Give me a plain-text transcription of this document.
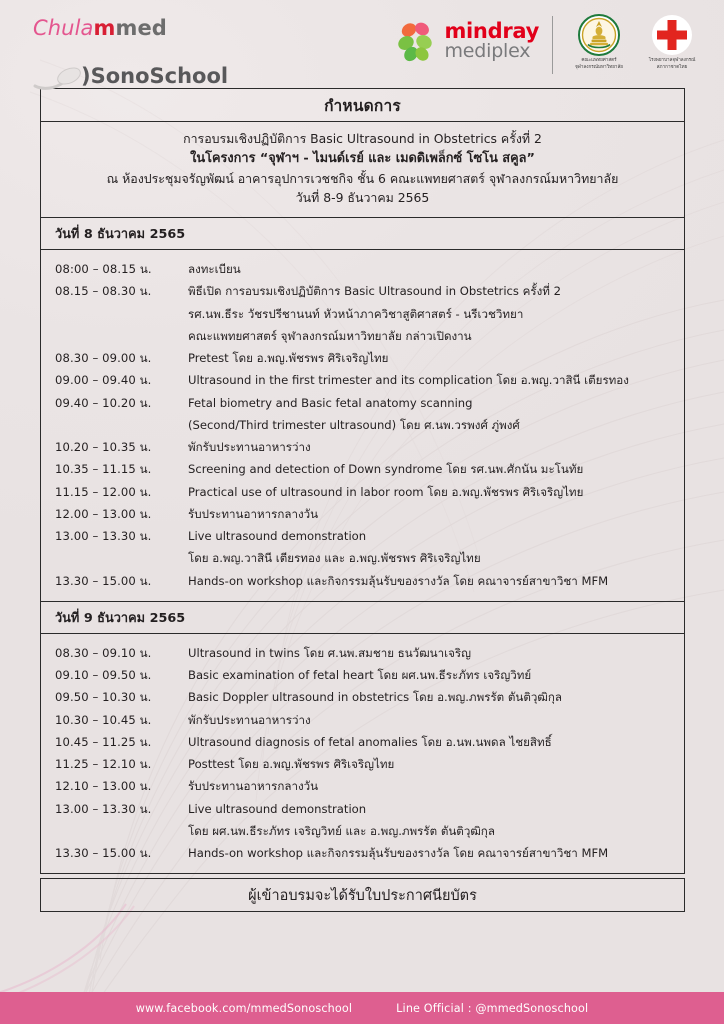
Chulammed
)SonoSchool
mindray
mediplex	คณะแพทยศาสตร์
จุฬาลงกรณ์มหาวิทยาลัย
โรงพยาบาลจุฬาลงกรณ์
สภากาชาดไทย
กำหนดการ
การอบรมเชิงปฏิบัติการ Basic Ultrasound in Obstetrics ครั้งที่ 2
ในโครงการ “จุฬาฯ - ไมนด์เรย์ และ เมดดิเพล็กซ์ โซโน สคูล”
ณ ห้องประชุมจรัญพัฒน์ อาคารอุปการเวชชกิจ ชั้น 6 คณะแพทยศาสตร์ จุฬาลงกรณ์มหาวิทยาลัย
วันที่ 8-9 ธันวาคม 2565
วันที่ 8 ธันวาคม 2565
08:00 – 08.15 น.	ลงทะเบียน
08.15 – 08.30 น.	พิธีเปิด การอบรมเชิงปฏิบัติการ Basic Ultrasound in Obstetrics ครั้งที่ 2
รศ.นพ.ธีระ วัชรปรีชานนท์ หัวหน้าภาควิชาสูติศาสตร์ - นรีเวชวิทยา
คณะแพทยศาสตร์ จุฬาลงกรณ์มหาวิทยาลัย กล่าวเปิดงาน
08.30 – 09.00 น.	Pretest โดย อ.พญ.พัชรพร ศิริเจริญไทย
09.00 – 09.40 น.	Ultrasound in the first trimester and its complication โดย อ.พญ.วาสินี เตียรทอง
09.40 – 10.20 น.	Fetal biometry and Basic fetal anatomy scanning
(Second/Third trimester ultrasound) โดย ศ.นพ.วรพงศ์ ภู่พงศ์
10.20 – 10.35 น.	พักรับประทานอาหารว่าง
10.35 – 11.15 น.	Screening and detection of Down syndrome โดย รศ.นพ.ศักนัน มะโนทัย
11.15 – 12.00 น.	Practical use of ultrasound in labor room โดย อ.พญ.พัชรพร ศิริเจริญไทย
12.00 – 13.00 น.	รับประทานอาหารกลางวัน
13.00 – 13.30 น.	Live ultrasound demonstration
โดย อ.พญ.วาสินี เตียรทอง และ อ.พญ.พัชรพร ศิริเจริญไทย
13.30 – 15.00 น.	Hands-on workshop และกิจกรรมลุ้นรับของรางวัล โดย คณาจารย์สาขาวิชา MFM
วันที่ 9 ธันวาคม 2565
08.30 – 09.10 น.	Ultrasound in twins โดย ศ.นพ.สมชาย ธนวัฒนาเจริญ
09.10 – 09.50 น.	Basic examination of fetal heart โดย ผศ.นพ.ธีระภัทร เจริญวิทย์
09.50 – 10.30 น.	Basic Doppler ultrasound in obstetrics โดย อ.พญ.ภพรรัต ตันติวุฒิกุล
10.30 – 10.45 น.	พักรับประทานอาหารว่าง
10.45 – 11.25 น.	Ultrasound diagnosis of fetal anomalies โดย อ.นพ.นพดล ไชยสิทธิ์
11.25 – 12.10 น.	Posttest โดย อ.พญ.พัชรพร ศิริเจริญไทย
12.10 – 13.00 น.	รับประทานอาหารกลางวัน
13.00 – 13.30 น.	Live ultrasound demonstration
โดย ผศ.นพ.ธีระภัทร เจริญวิทย์ และ อ.พญ.ภพรรัต ตันติวุฒิกุล
13.30 – 15.00 น.	Hands-on workshop และกิจกรรมลุ้นรับของรางวัล โดย คณาจารย์สาขาวิชา MFM
ผู้เข้าอบรมจะได้รับใบประกาศนียบัตร
www.facebook.com/mmedSonoschool	Line Official : @mmedSonoschool
